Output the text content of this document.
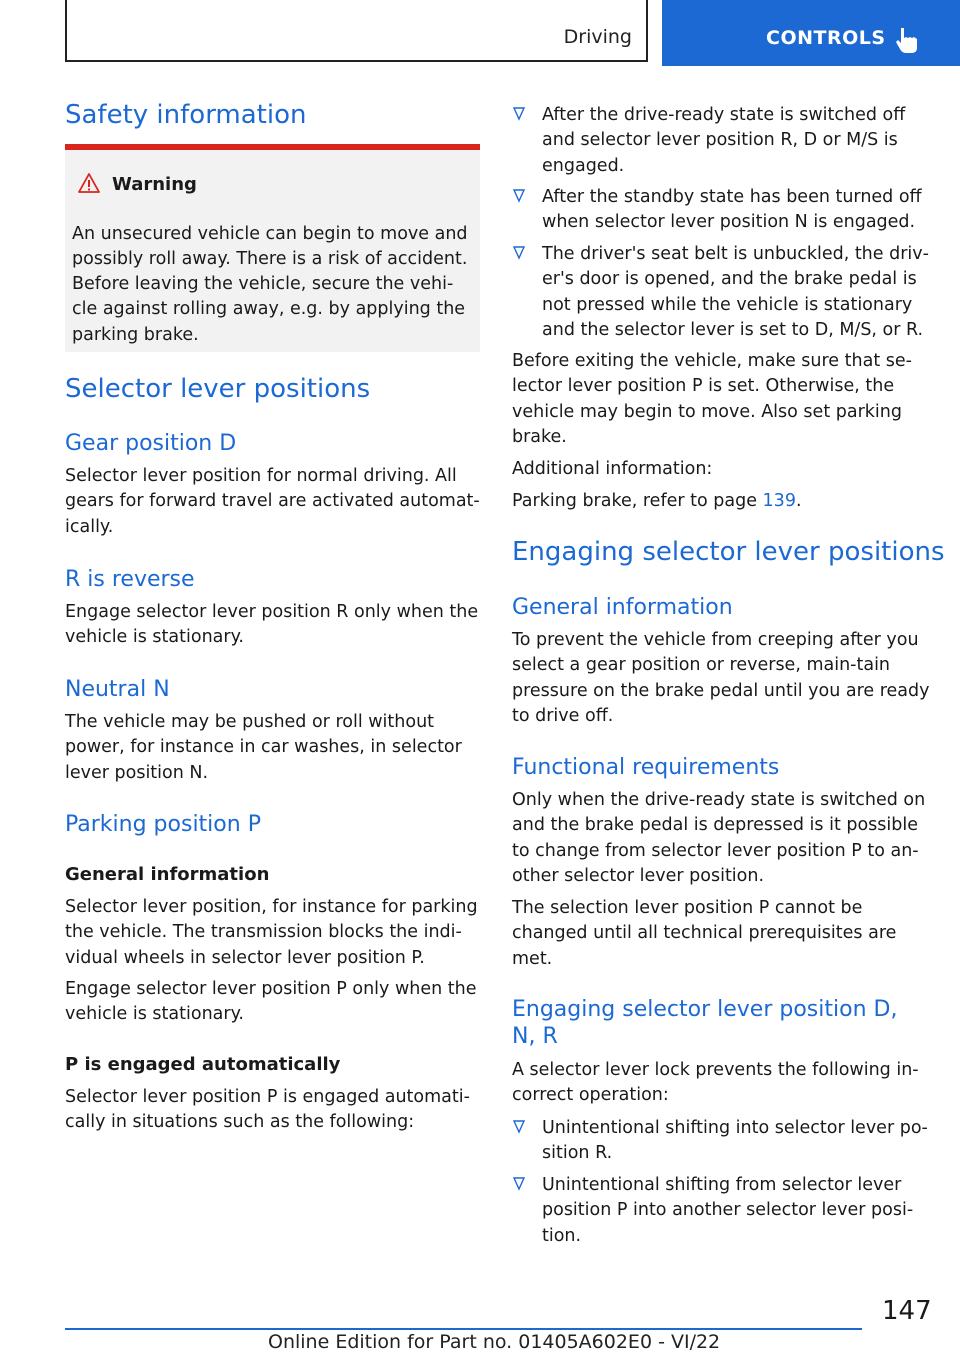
Driving	CONTROLS
Safety information
Warning

An unsecured vehicle can begin to move and possibly roll away. There is a risk of accident. Before leaving the vehicle, secure the vehi‐cle against rolling away, e.g. by applying the parking brake.

Selector lever positions
Gear position D

Selector lever position for normal driving. All gears for forward travel are activated automat‐ically.

R is reverse

Engage selector lever position R only when the vehicle is stationary.

Neutral N

The vehicle may be pushed or roll without power, for instance in car washes, in selector lever position N.

Parking position P
General information

Selector lever position, for instance for parking the vehicle. The transmission blocks the indi‐vidual wheels in selector lever position P.

Engage selector lever position P only when the vehicle is stationary.

P is engaged automatically

Selector lever position P is engaged automati‐cally in situations such as the following:

After the drive-ready state is switched off and selector lever position R, D or M/S is engaged.

After the standby state has been turned off when selector lever position N is engaged.

The driver's seat belt is unbuckled, the driv‐er's door is opened, and the brake pedal is not pressed while the vehicle is stationary and the selector lever is set to D, M/S, or R.

Before exiting the vehicle, make sure that se‐lector lever position P is set. Otherwise, the vehicle may begin to move. Also set parking brake.

Additional information:

Parking brake, refer to page 139.

Engaging selector lever positions
General information

To prevent the vehicle from creeping after you select a gear position or reverse, main‐tain pressure on the brake pedal until you are ready to drive off.

Functional requirements

Only when the drive-ready state is switched on and the brake pedal is depressed is it possible to change from selector lever position P to an‐other selector lever position.

The selection lever position P cannot be changed until all technical prerequisites are met.

Engaging selector lever position D, N, R

A selector lever lock prevents the following in‐correct operation:

Unintentional shifting into selector lever po‐sition R.

Unintentional shifting from selector lever position P into another selector lever posi‐tion.

147
Online Edition for Part no. 01405A602E0 - VI/22
